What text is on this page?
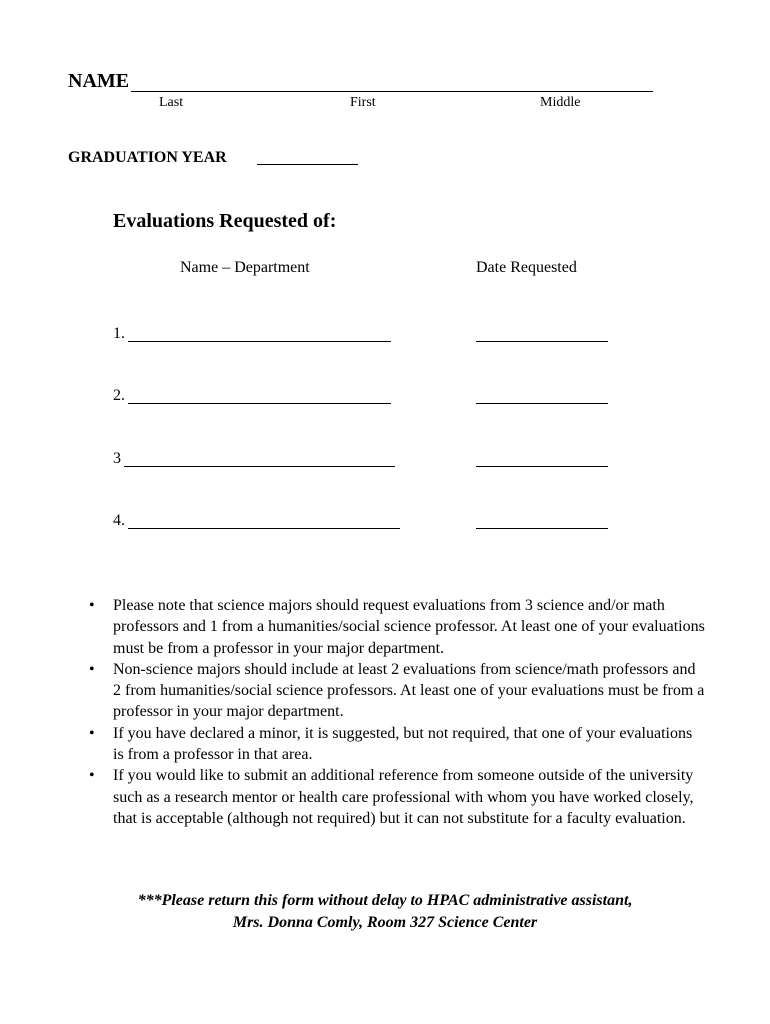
NAME
Last	First	Middle
GRADUATION YEAR
Evaluations Requested of:
Name – Department	Date Requested
1.
2.
3
4.
• Please note that science majors should request evaluations from 3 science and/or math professors and 1 from a humanities/social science professor. At least one of your evaluations must be from a professor in your major department.
• Non-science majors should include at least 2 evaluations from science/math professors and 2 from humanities/social science professors. At least one of your evaluations must be from a professor in your major department.
• If you have declared a minor, it is suggested, but not required, that one of your evaluations is from a professor in that area.
• If you would like to submit an additional reference from someone outside of the university such as a research mentor or health care professional with whom you have worked closely, that is acceptable (although not required) but it can not substitute for a faculty evaluation.
***Please return this form without delay to HPAC administrative assistant,
Mrs. Donna Comly, Room 327 Science Center
